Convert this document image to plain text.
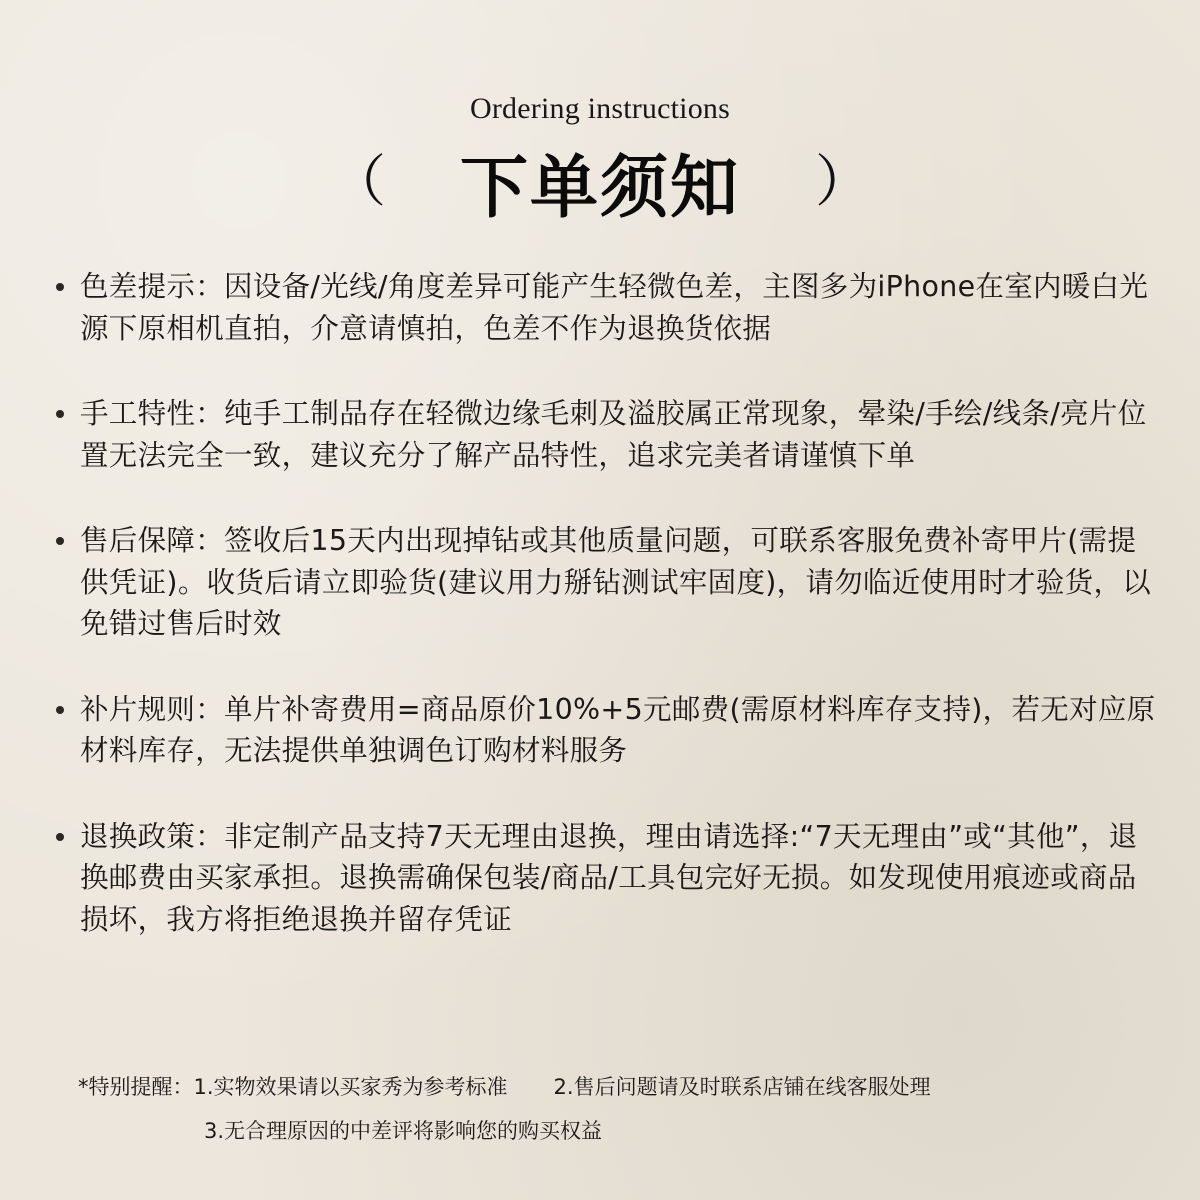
Ordering instructions
（	下单须知	）
色差提示：因设备/光线/角度差异可能产生轻微色差，主图多为iPhone在室内暖白光源下原相机直拍，介意请慎拍，色差不作为退换货依据
手工特性：纯手工制品存在轻微边缘毛刺及溢胶属正常现象，晕染/手绘/线条/亮片位置无法完全一致，建议充分了解产品特性，追求完美者请谨慎下单
售后保障：签收后15天内出现掉钻或其他质量问题，可联系客服免费补寄甲片(需提供凭证)。收货后请立即验货(建议用力掰钻测试牢固度)，请勿临近使用时才验货，以免错过售后时效
补片规则：单片补寄费用=商品原价10%+5元邮费(需原材料库存支持)，若无对应原材料库存，无法提供单独调色订购材料服务
退换政策：非定制产品支持7天无理由退换，理由请选择:“7天无理由”或“其他”，退换邮费由买家承担。退换需确保包装/商品/工具包完好无损。如发现使用痕迹或商品损坏，我方将拒绝退换并留存凭证
*特别提醒：1.实物效果请以买家秀为参考标准 2.售后问题请及时联系店铺在线客服处理
3.无合理原因的中差评将影响您的购买权益
